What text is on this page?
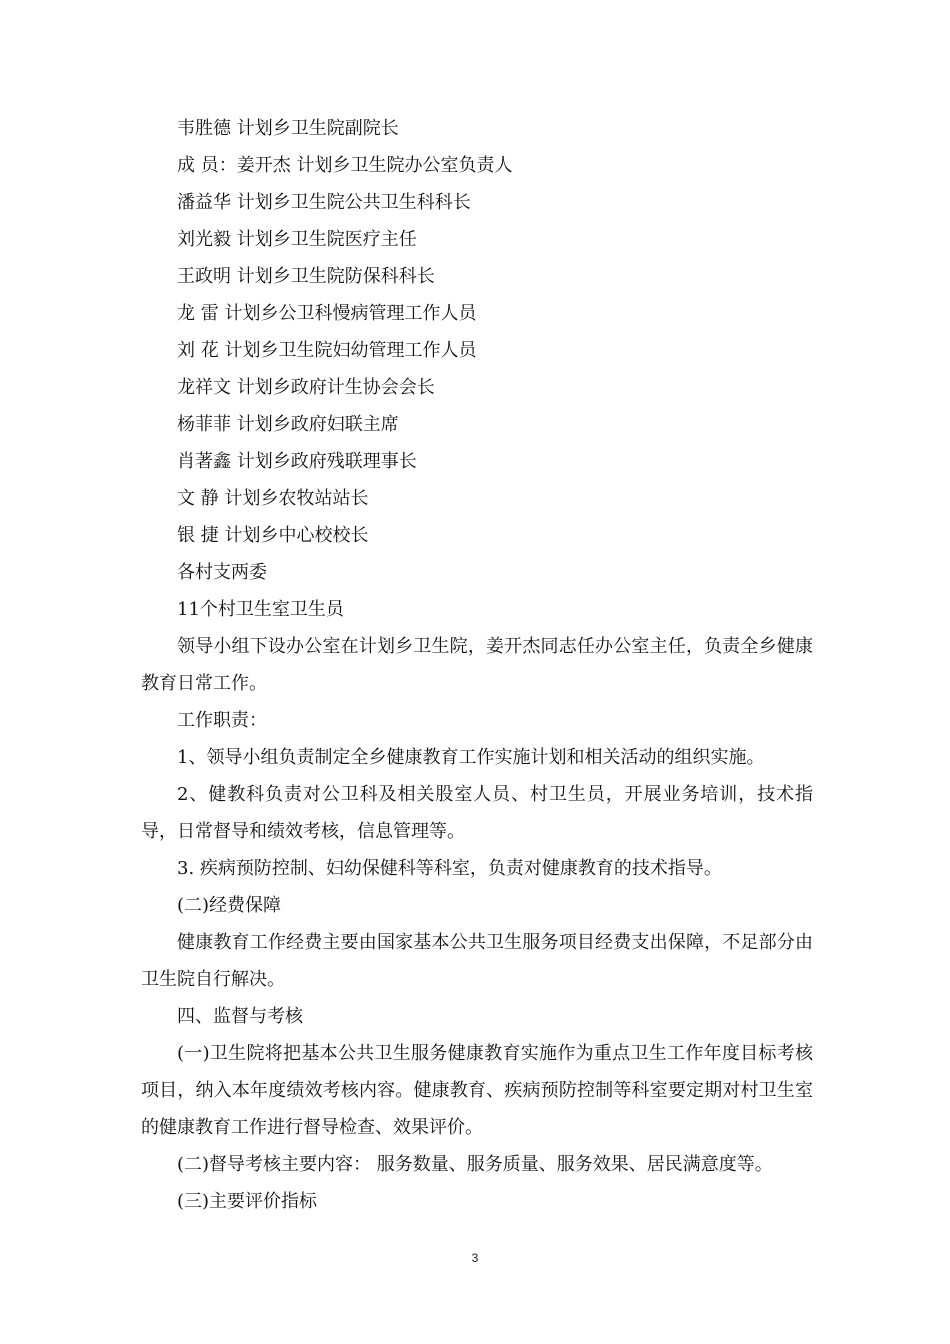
韦胜德 计划乡卫生院副院长
成 员：姜开杰 计划乡卫生院办公室负责人
潘益华 计划乡卫生院公共卫生科科长
刘光毅 计划乡卫生院医疗主任
王政明 计划乡卫生院防保科科长
龙 雷 计划乡公卫科慢病管理工作人员
刘 花 计划乡卫生院妇幼管理工作人员
龙祥文 计划乡政府计生协会会长
杨菲菲 计划乡政府妇联主席
肖著鑫 计划乡政府残联理事长
文 静 计划乡农牧站站长
银 捷 计划乡中心校校长
各村支两委
11个村卫生室卫生员

领导小组下设办公室在计划乡卫生院，姜开杰同志任办公室主任，负责全乡健康教育日常工作。

工作职责：

1、领导小组负责制定全乡健康教育工作实施计划和相关活动的组织实施。

2、健教科负责对公卫科及相关股室人员、村卫生员，开展业务培训，技术指导，日常督导和绩效考核，信息管理等。

3. 疾病预防控制、妇幼保健科等科室，负责对健康教育的技术指导。

(二)经费保障

健康教育工作经费主要由国家基本公共卫生服务项目经费支出保障，不足部分由卫生院自行解决。

四、监督与考核

(一)卫生院将把基本公共卫生服务健康教育实施作为重点卫生工作年度目标考核项目，纳入本年度绩效考核内容。健康教育、疾病预防控制等科室要定期对村卫生室的健康教育工作进行督导检查、效果评价。

(二)督导考核主要内容： 服务数量、服务质量、服务效果、居民满意度等。

(三)主要评价指标

3
